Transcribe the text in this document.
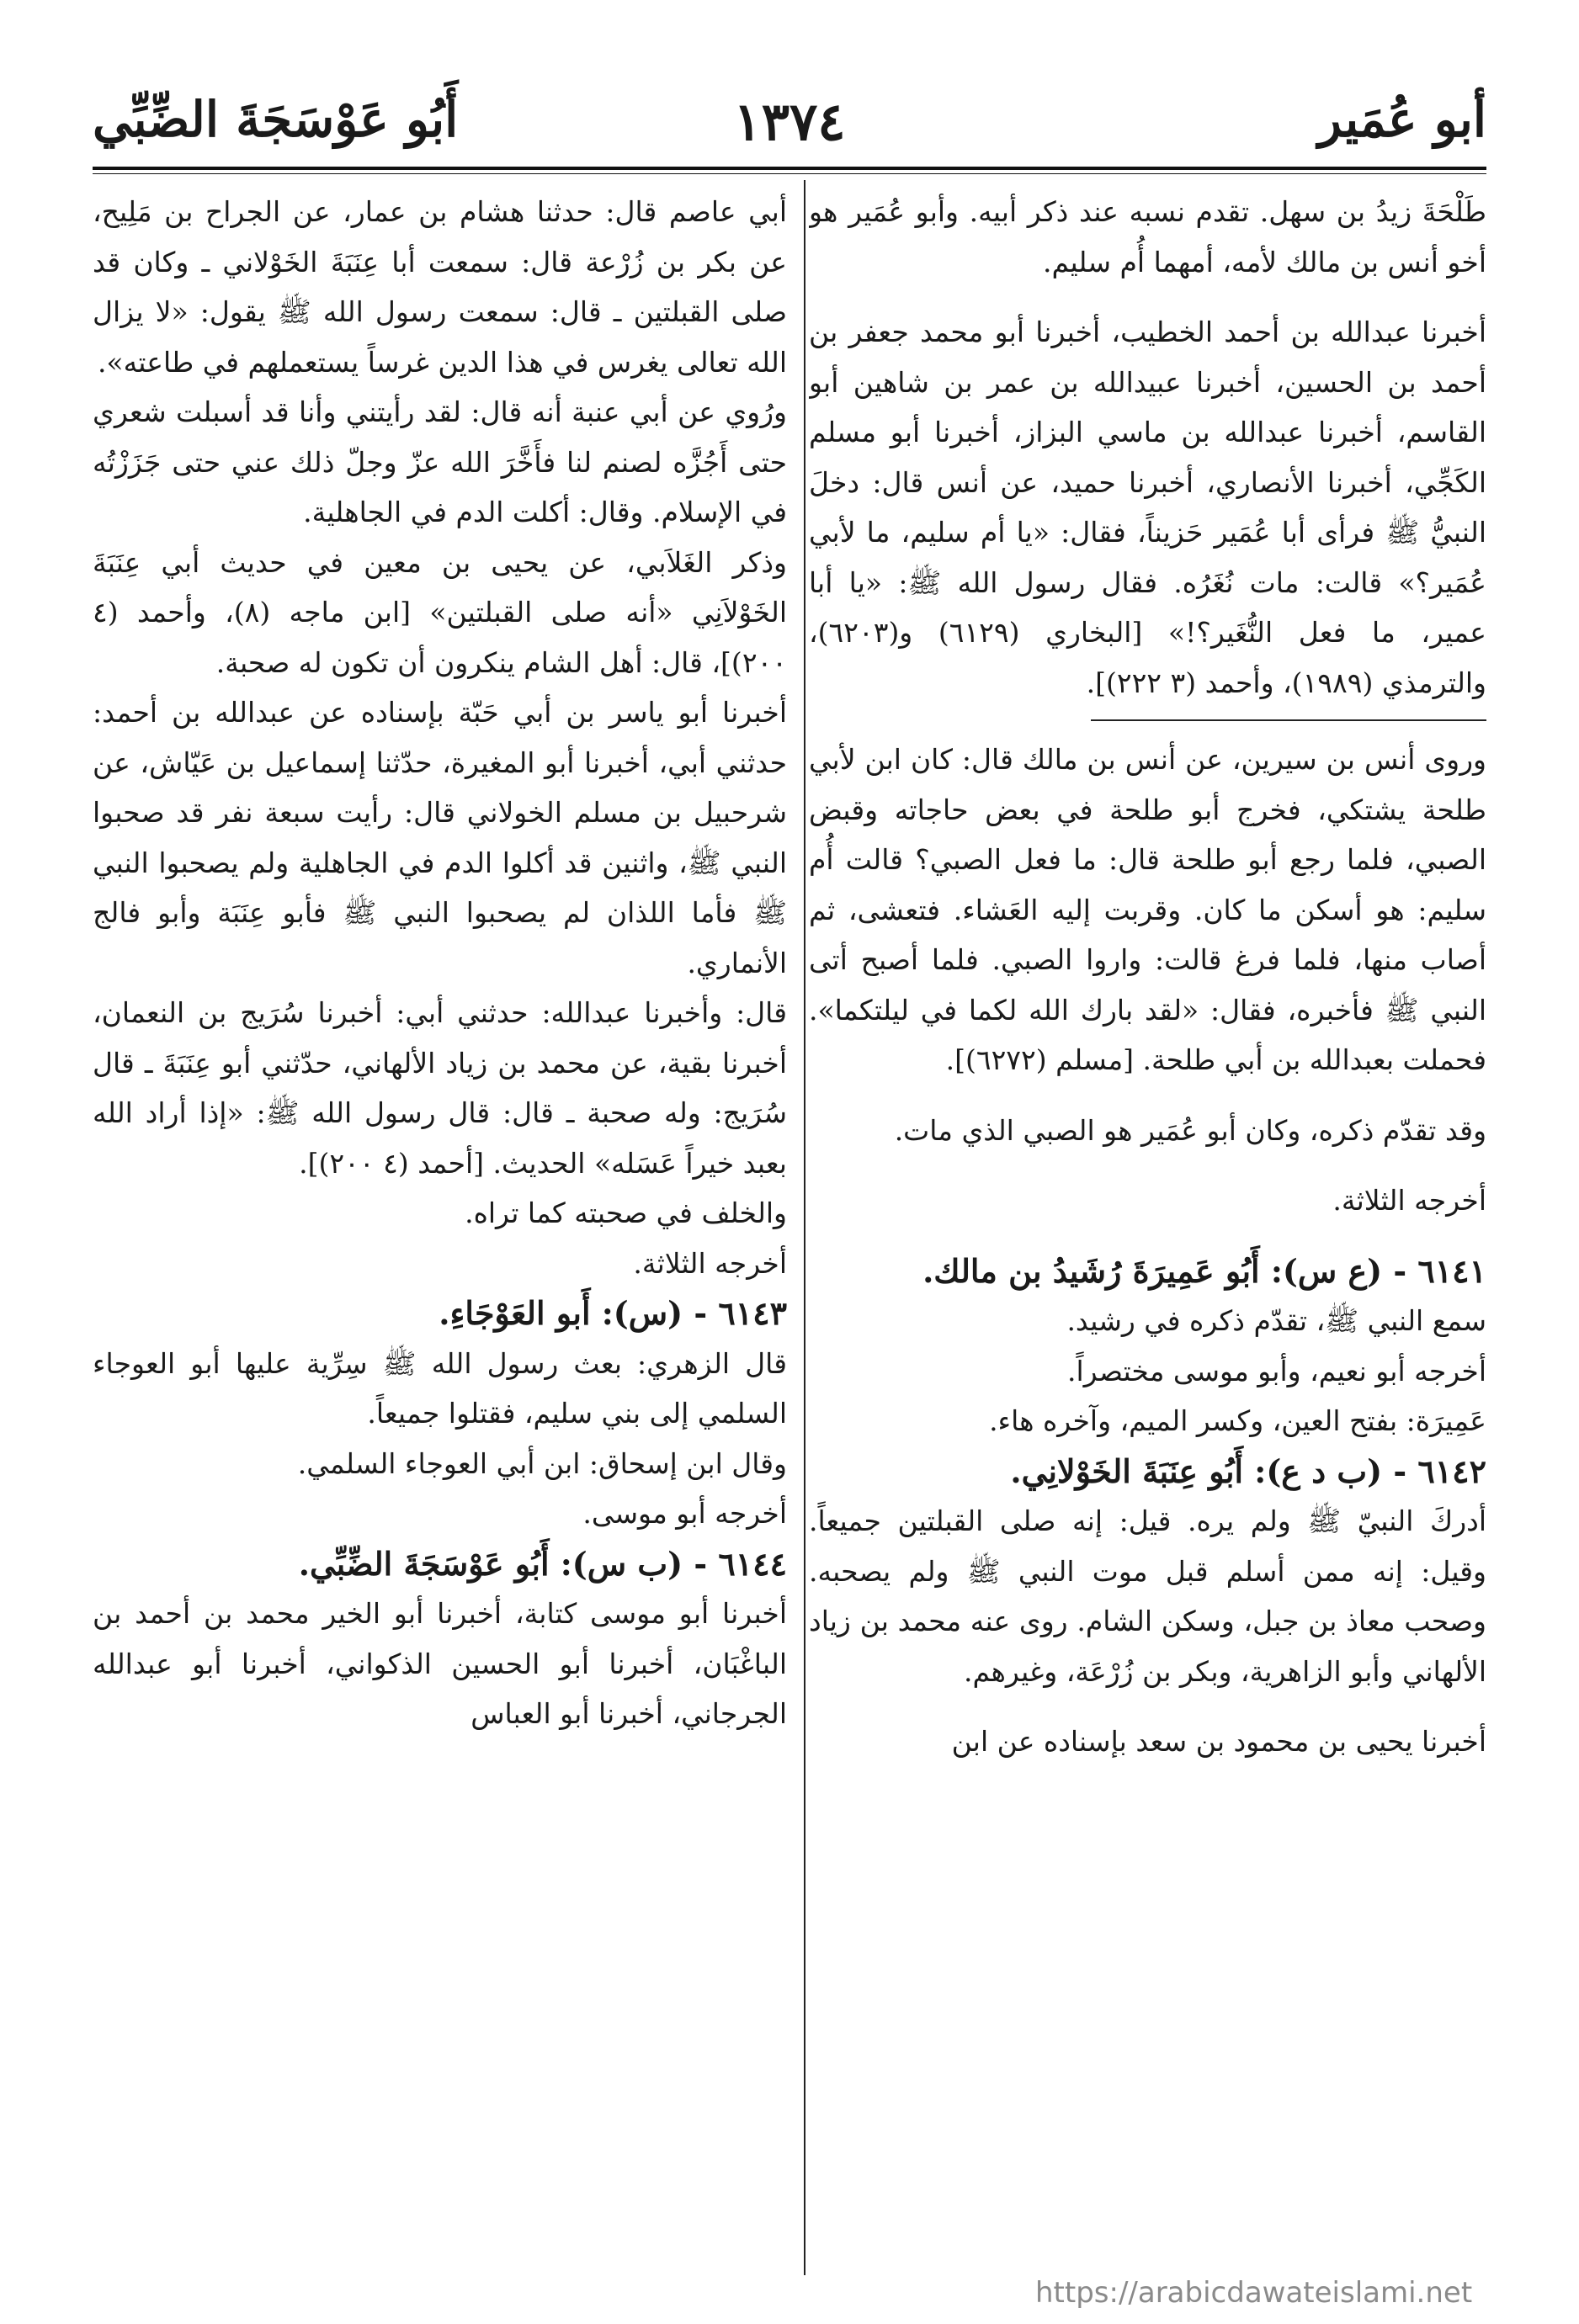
أبو عُمَير
١٣٧٤
أَبُو عَوْسَجَةَ الضِّبِّي

طَلْحَةَ زيدُ بن سهل. تقدم نسبه عند ذكر أبيه. وأبو عُمَير هو أخو أنس بن مالك لأمه، أمهما أُم سليم.

أخبرنا عبدالله بن أحمد الخطيب، أخبرنا أبو محمد جعفر بن أحمد بن الحسين، أخبرنا عبيدالله بن عمر بن شاهين أبو القاسم، أخبرنا عبدالله بن ماسي البزاز، أخبرنا أبو مسلم الكَجِّي، أخبرنا الأنصاري، أخبرنا حميد، عن أنس قال: دخلَ النبيُّ ﷺ فرأى أبا عُمَير حَزيناً، فقال: «يا أم سليم، ما لأبي عُمَير؟» قالت: مات نُغَرُه. فقال رسول الله ﷺ: «يا أبا عمير، ما فعل النُّغَير؟!» [البخاري (٦١٢٩) و(٦٢٠٣)، والترمذي (١٩٨٩)، وأحمد (٣ ٢٢٢)].

وروى أنس بن سيرين، عن أنس بن مالك قال: كان ابن لأبي طلحة يشتكي، فخرج أبو طلحة في بعض حاجاته وقبض الصبي، فلما رجع أبو طلحة قال: ما فعل الصبي؟ قالت أُم سليم: هو أسكن ما كان. وقربت إليه العَشاء. فتعشى، ثم أصاب منها، فلما فرغ قالت: واروا الصبي. فلما أصبح أتى النبي ﷺ فأخبره، فقال: «لقد بارك الله لكما في ليلتكما». فحملت بعبدالله بن أبي طلحة. [مسلم (٦٢٧٢)].

وقد تقدّم ذكره، وكان أبو عُمَير هو الصبي الذي مات.

أخرجه الثلاثة.

٦١٤١ - (ع س): أَبُو عَمِيرَةَ رُشَيدُ بن مالك.

سمع النبي ﷺ، تقدّم ذكره في رشيد.

أخرجه أبو نعيم، وأبو موسى مختصراً.

عَمِيرَة: بفتح العين، وكسر الميم، وآخره هاء.

٦١٤٢ - (ب د ع): أَبُو عِنَبَةَ الخَوْلانِي.

أدركَ النبيّ ﷺ ولم يره. قيل: إنه صلى القبلتين جميعاً. وقيل: إنه ممن أسلم قبل موت النبي ﷺ ولم يصحبه. وصحب معاذ بن جبل، وسكن الشام. روى عنه محمد بن زياد الألهاني وأبو الزاهرية، وبكر بن زُرْعَة، وغيرهم.

أخبرنا يحيى بن محمود بن سعد بإسناده عن ابن

أبي عاصم قال: حدثنا هشام بن عمار، عن الجراح بن مَلِيح، عن بكر بن زُرْعة قال: سمعت أبا عِنَبَةَ الخَوْلاني ـ وكان قد صلى القبلتين ـ قال: سمعت رسول الله ﷺ يقول: «لا يزال الله تعالى يغرس في هذا الدين غرساً يستعملهم في طاعته».

ورُوي عن أبي عنبة أنه قال: لقد رأيتني وأنا قد أسبلت شعري حتى أَجُزَّه لصنم لنا فأَخَّرَ الله عزّ وجلّ ذلك عني حتى جَزَزْتُه في الإسلام. وقال: أكلت الدم في الجاهلية.

وذكر الغَلاَبي، عن يحيى بن معين في حديث أبي عِنَبَةَ الخَوْلاَنِي «أنه صلى القبلتين» [ابن ماجه (٨)، وأحمد (٤ ٢٠٠)]، قال: أهل الشام ينكرون أن تكون له صحبة.

أخبرنا أبو ياسر بن أبي حَبّة بإسناده عن عبدالله بن أحمد: حدثني أبي، أخبرنا أبو المغيرة، حدّثنا إسماعيل بن عَيّاش، عن شرحبيل بن مسلم الخولاني قال: رأيت سبعة نفر قد صحبوا النبي ﷺ، واثنين قد أكلوا الدم في الجاهلية ولم يصحبوا النبي ﷺ فأما اللذان لم يصحبوا النبي ﷺ فأبو عِنَبَة وأبو فالج الأنماري.

قال: وأخبرنا عبدالله: حدثني أبي: أخبرنا سُرَيج بن النعمان، أخبرنا بقية، عن محمد بن زياد الألهاني، حدّثني أبو عِنَبَةَ ـ قال سُرَيج: وله صحبة ـ قال: قال رسول الله ﷺ: «إذا أراد الله بعبد خيراً عَسَله» الحديث. [أحمد (٤ ٢٠٠)].

والخلف في صحبته كما تراه.

أخرجه الثلاثة.

٦١٤٣ - (س): أَبو العَوْجَاءِ.

قال الزهري: بعث رسول الله ﷺ سِرِّية عليها أبو العوجاء السلمي إلى بني سليم، فقتلوا جميعاً.

وقال ابن إسحاق: ابن أبي العوجاء السلمي.

أخرجه أبو موسى.

٦١٤٤ - (ب س): أَبُو عَوْسَجَةَ الضِّبِّي.

أخبرنا أبو موسى كتابة، أخبرنا أبو الخير محمد بن أحمد بن الباغْبَان، أخبرنا أبو الحسين الذكواني، أخبرنا أبو عبدالله الجرجاني، أخبرنا أبو العباس

https://arabicdawateislami.net
